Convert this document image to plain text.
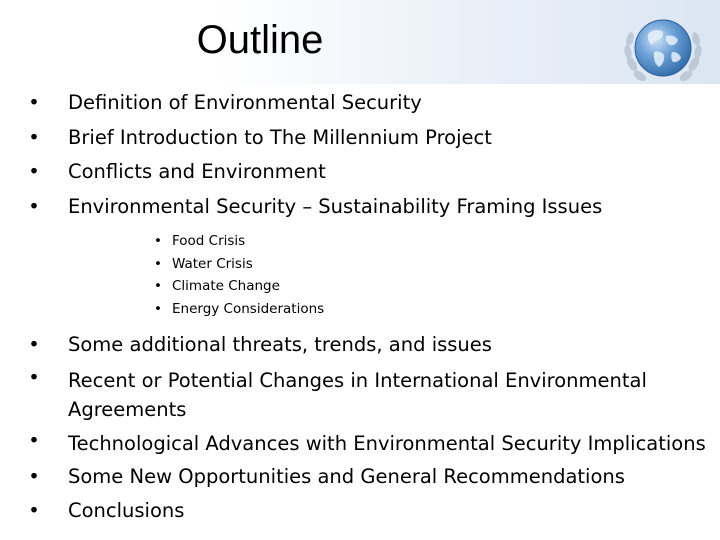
Outline
• Definition of Environmental Security
• Brief Introduction to The Millennium Project
• Conflicts and Environment
• Environmental Security – Sustainability Framing Issues
• Food Crisis
• Water Crisis
• Climate Change
• Energy Considerations
• Some additional threats, trends, and issues
• Recent or Potential Changes in International Environmental Agreements
• Technological Advances with Environmental Security Implications
• Some New Opportunities and General Recommendations
• Conclusions
